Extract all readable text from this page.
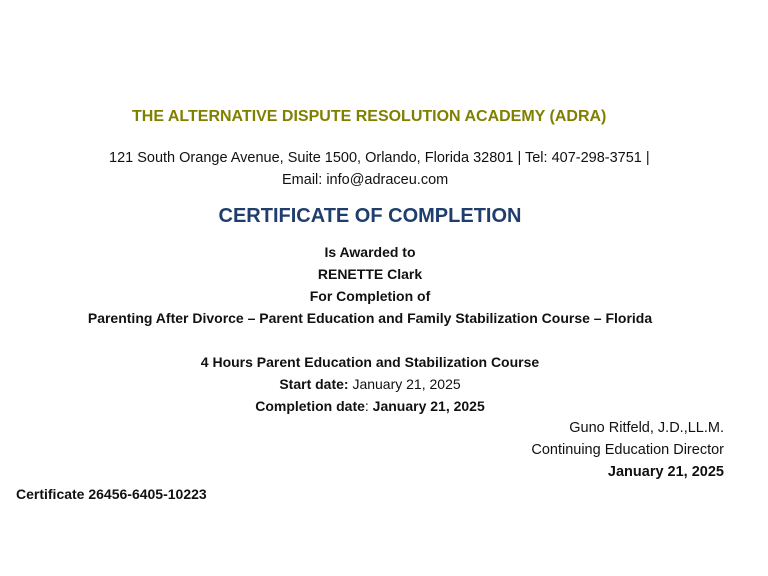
THE ALTERNATIVE DISPUTE RESOLUTION ACADEMY (ADRA)
121 South Orange Avenue, Suite 1500, Orlando, Florida 32801 | Tel: 407-298-3751 |
Email: info@adraceu.com
CERTIFICATE OF COMPLETION
Is Awarded to
RENETTE Clark
For Completion of
Parenting After Divorce – Parent Education and Family Stabilization Course – Florida
4 Hours Parent Education and Stabilization Course
Start date: January 21, 2025
Completion date: January 21, 2025
Guno Ritfeld, J.D.,LL.M.
Continuing Education Director
January 21, 2025
Certificate 26456-6405-10223
